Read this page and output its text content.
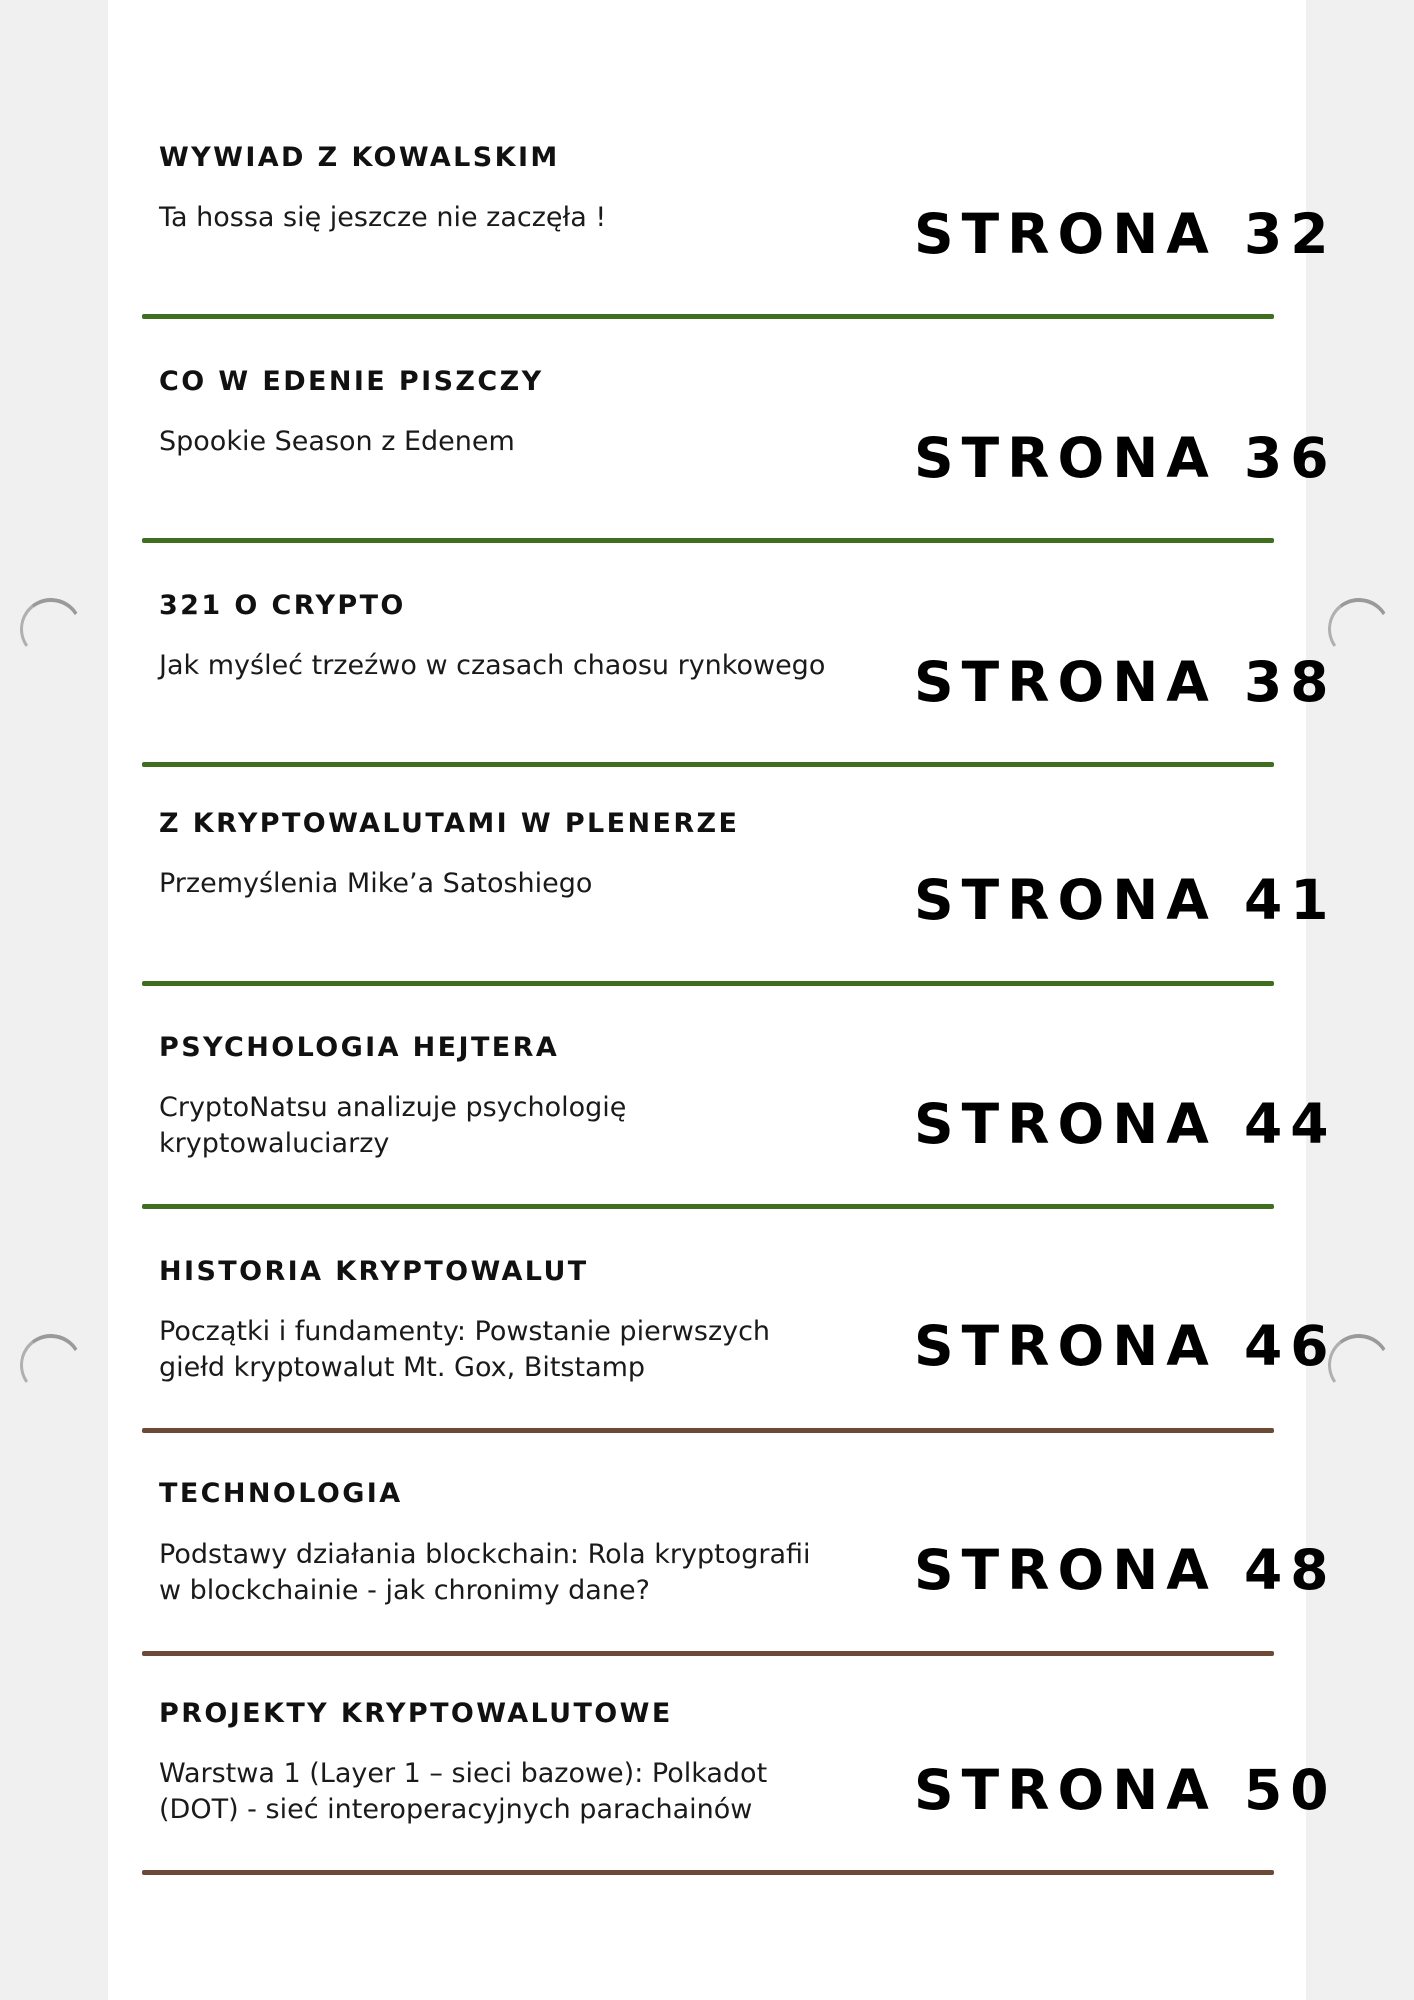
WYWIAD Z KOWALSKIM
Ta hossa się jeszcze nie zaczęła !	STRONA 32
CO W EDENIE PISZCZY
Spookie Season z Edenem	STRONA 36
321 O CRYPTO
Jak myśleć trzeźwo w czasach chaosu rynkowego STRONA 38
Z KRYPTOWALUTAMI W PLENERZE
Przemyślenia Mike’a Satoshiego	STRONA 41
PSYCHOLOGIA HEJTERA
CryptoNatsu analizuje psychologię kryptowaluciarzy	STRONA 44
HISTORIA KRYPTOWALUT
Początki i fundamenty: Powstanie pierwszych giełd kryptowalut Mt. Gox, Bitstamp	STRONA 46
TECHNOLOGIA
Podstawy działania blockchain: Rola kryptografii w blockchainie - jak chronimy dane?	STRONA 48
PROJEKTY KRYPTOWALUTOWE
Warstwa 1 (Layer 1 – sieci bazowe): Polkadot (DOT) - sieć interoperacyjnych parachainów	STRONA 50
